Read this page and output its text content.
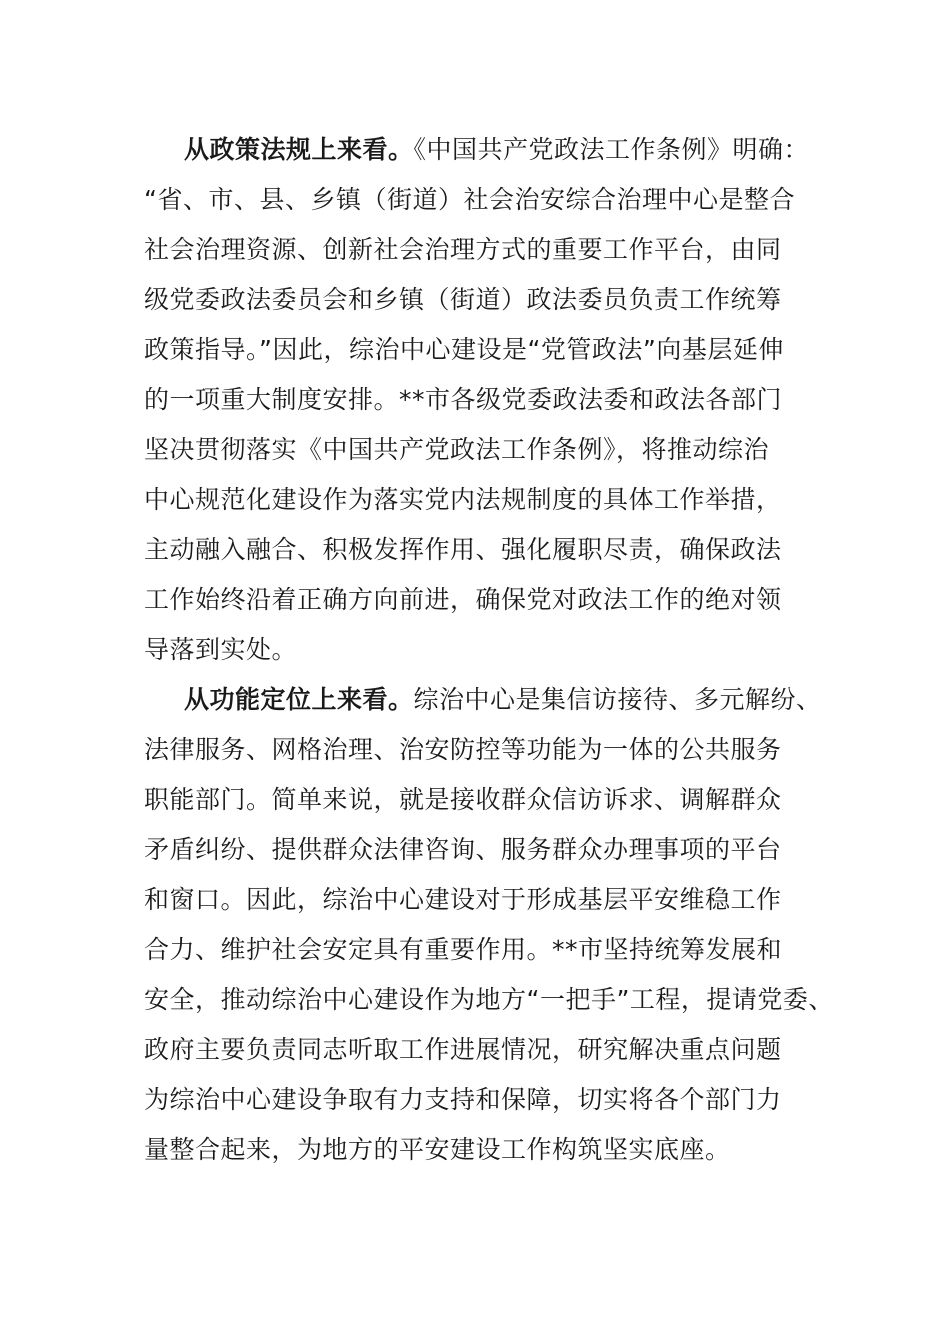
从政策法规上来看。《中国共产党政法工作条例》明确：
“省、市、县、乡镇（街道）社会治安综合治理中心是整合
社会治理资源、创新社会治理方式的重要工作平台，由同
级党委政法委员会和乡镇（街道）政法委员负责工作统筹
政策指导。”因此，综治中心建设是“党管政法”向基层延伸
的一项重大制度安排。**市各级党委政法委和政法各部门
坚决贯彻落实《中国共产党政法工作条例》，将推动综治
中心规范化建设作为落实党内法规制度的具体工作举措，
主动融入融合、积极发挥作用、强化履职尽责，确保政法
工作始终沿着正确方向前进，确保党对政法工作的绝对领
导落到实处。
从功能定位上来看。综治中心是集信访接待、多元解纷、
法律服务、网格治理、治安防控等功能为一体的公共服务
职能部门。简单来说，就是接收群众信访诉求、调解群众
矛盾纠纷、提供群众法律咨询、服务群众办理事项的平台
和窗口。因此，综治中心建设对于形成基层平安维稳工作
合力、维护社会安定具有重要作用。**市坚持统筹发展和
安全，推动综治中心建设作为地方“一把手”工程，提请党委、
政府主要负责同志听取工作进展情况，研究解决重点问题
为综治中心建设争取有力支持和保障，切实将各个部门力
量整合起来，为地方的平安建设工作构筑坚实底座。
